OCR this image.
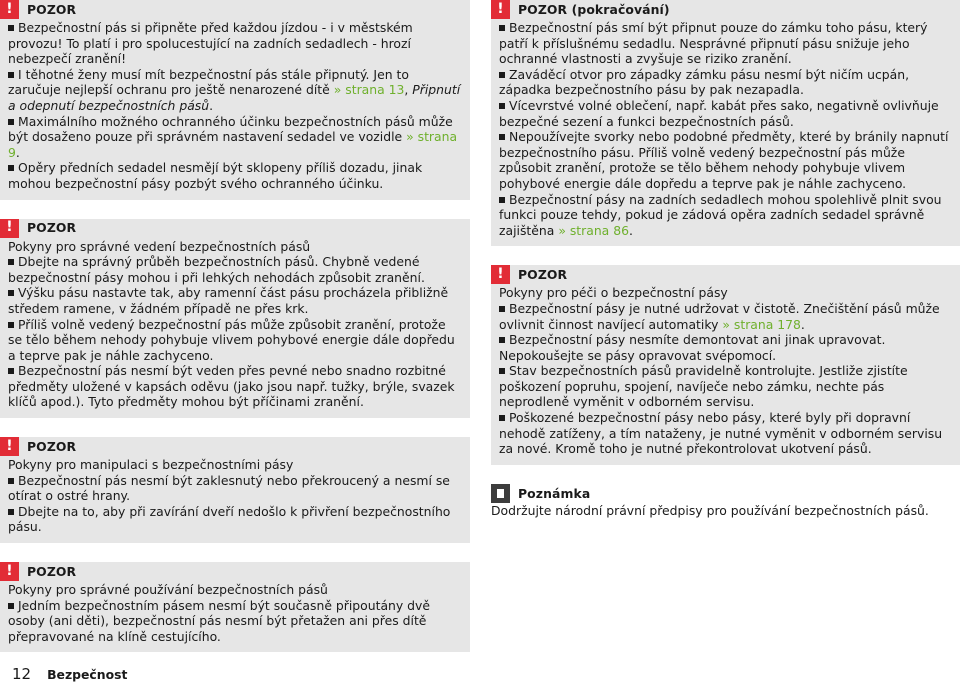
!	POZOR

Bezpečnostní pás si připněte před každou jízdou - i v městském provozu! To platí i pro spolucestující na zadních sedadlech - hrozí nebezpečí zranění!

I těhotné ženy musí mít bezpečnostní pás stále připnutý. Jen to zaručuje nejlepší ochranu pro ještě nenarozené dítě » strana 13, Připnutí a odepnutí bezpečnostních pásů.

Maximálního možného ochranného účinku bezpečnostních pásů může být dosaženo pouze při správném nastavení sedadel ve vozidle » strana 9.

Opěry předních sedadel nesmějí být sklopeny příliš dozadu, jinak mohou bezpečnostní pásy pozbýt svého ochranného účinku.

!	POZOR

Pokyny pro správné vedení bezpečnostních pásů

Dbejte na správný průběh bezpečnostních pásů. Chybně vedené bezpečnostní pásy mohou i při lehkých nehodách způsobit zranění.

Výšku pásu nastavte tak, aby ramenní část pásu procházela přibližně středem ramene, v žádném případě ne přes krk.

Příliš volně vedený bezpečnostní pás může způsobit zranění, protože se tělo během nehody pohybuje vlivem pohybové energie dále dopředu a teprve pak je náhle zachyceno.

Bezpečnostní pás nesmí být veden přes pevné nebo snadno rozbitné předměty uložené v kapsách oděvu (jako jsou např. tužky, brýle, svazek klíčů apod.). Tyto předměty mohou být příčinami zranění.

!	POZOR

Pokyny pro manipulaci s bezpečnostními pásy

Bezpečnostní pás nesmí být zaklesnutý nebo překroucený a nesmí se otírat o ostré hrany.

Dbejte na to, aby při zavírání dveří nedošlo k přivření bezpečnostního pásu.

!	POZOR

Pokyny pro správné používání bezpečnostních pásů

Jedním bezpečnostním pásem nesmí být současně připoutány dvě osoby (ani děti), bezpečnostní pás nesmí být přetažen ani přes dítě přepravované na klíně cestujícího.

!	POZOR (pokračování)

Bezpečnostní pás smí být připnut pouze do zámku toho pásu, který patří k příslušnému sedadlu. Nesprávné připnutí pásu snižuje jeho ochranné vlastnosti a zvyšuje se riziko zranění.

Zaváděcí otvor pro západky zámku pásu nesmí být ničím ucpán, západka bezpečnostního pásu by pak nezapadla.

Vícevrstvé volné oblečení, např. kabát přes sako, negativně ovlivňuje bezpečné sezení a funkci bezpečnostních pásů.

Nepoužívejte svorky nebo podobné předměty, které by bránily napnutí bezpečnostního pásu. Příliš volně vedený bezpečnostní pás může způsobit zranění, protože se tělo během nehody pohybuje vlivem pohybové energie dále dopředu a teprve pak je náhle zachyceno.

Bezpečnostní pásy na zadních sedadlech mohou spolehlivě plnit svou funkci pouze tehdy, pokud je zádová opěra zadních sedadel správně zajištěna » strana 86.

!	POZOR

Pokyny pro péči o bezpečnostní pásy

Bezpečnostní pásy je nutné udržovat v čistotě. Znečištění pásů může ovlivnit činnost navíjecí automatiky » strana 178.

Bezpečnostní pásy nesmíte demontovat ani jinak upravovat. Nepokoušejte se pásy opravovat svépomocí.

Stav bezpečnostních pásů pravidelně kontrolujte. Jestliže zjistíte poškození popruhu, spojení, navíječe nebo zámku, nechte pás neprodleně vyměnit v odborném servisu.

Poškozené bezpečnostní pásy nebo pásy, které byly při dopravní nehodě zatíženy, a tím nataženy, je nutné vyměnit v odborném servisu za nové. Kromě toho je nutné překontrolovat ukotvení pásů.

Poznámka

Dodržujte národní právní předpisy pro používání bezpečnostních pásů.

12 Bezpečnost
